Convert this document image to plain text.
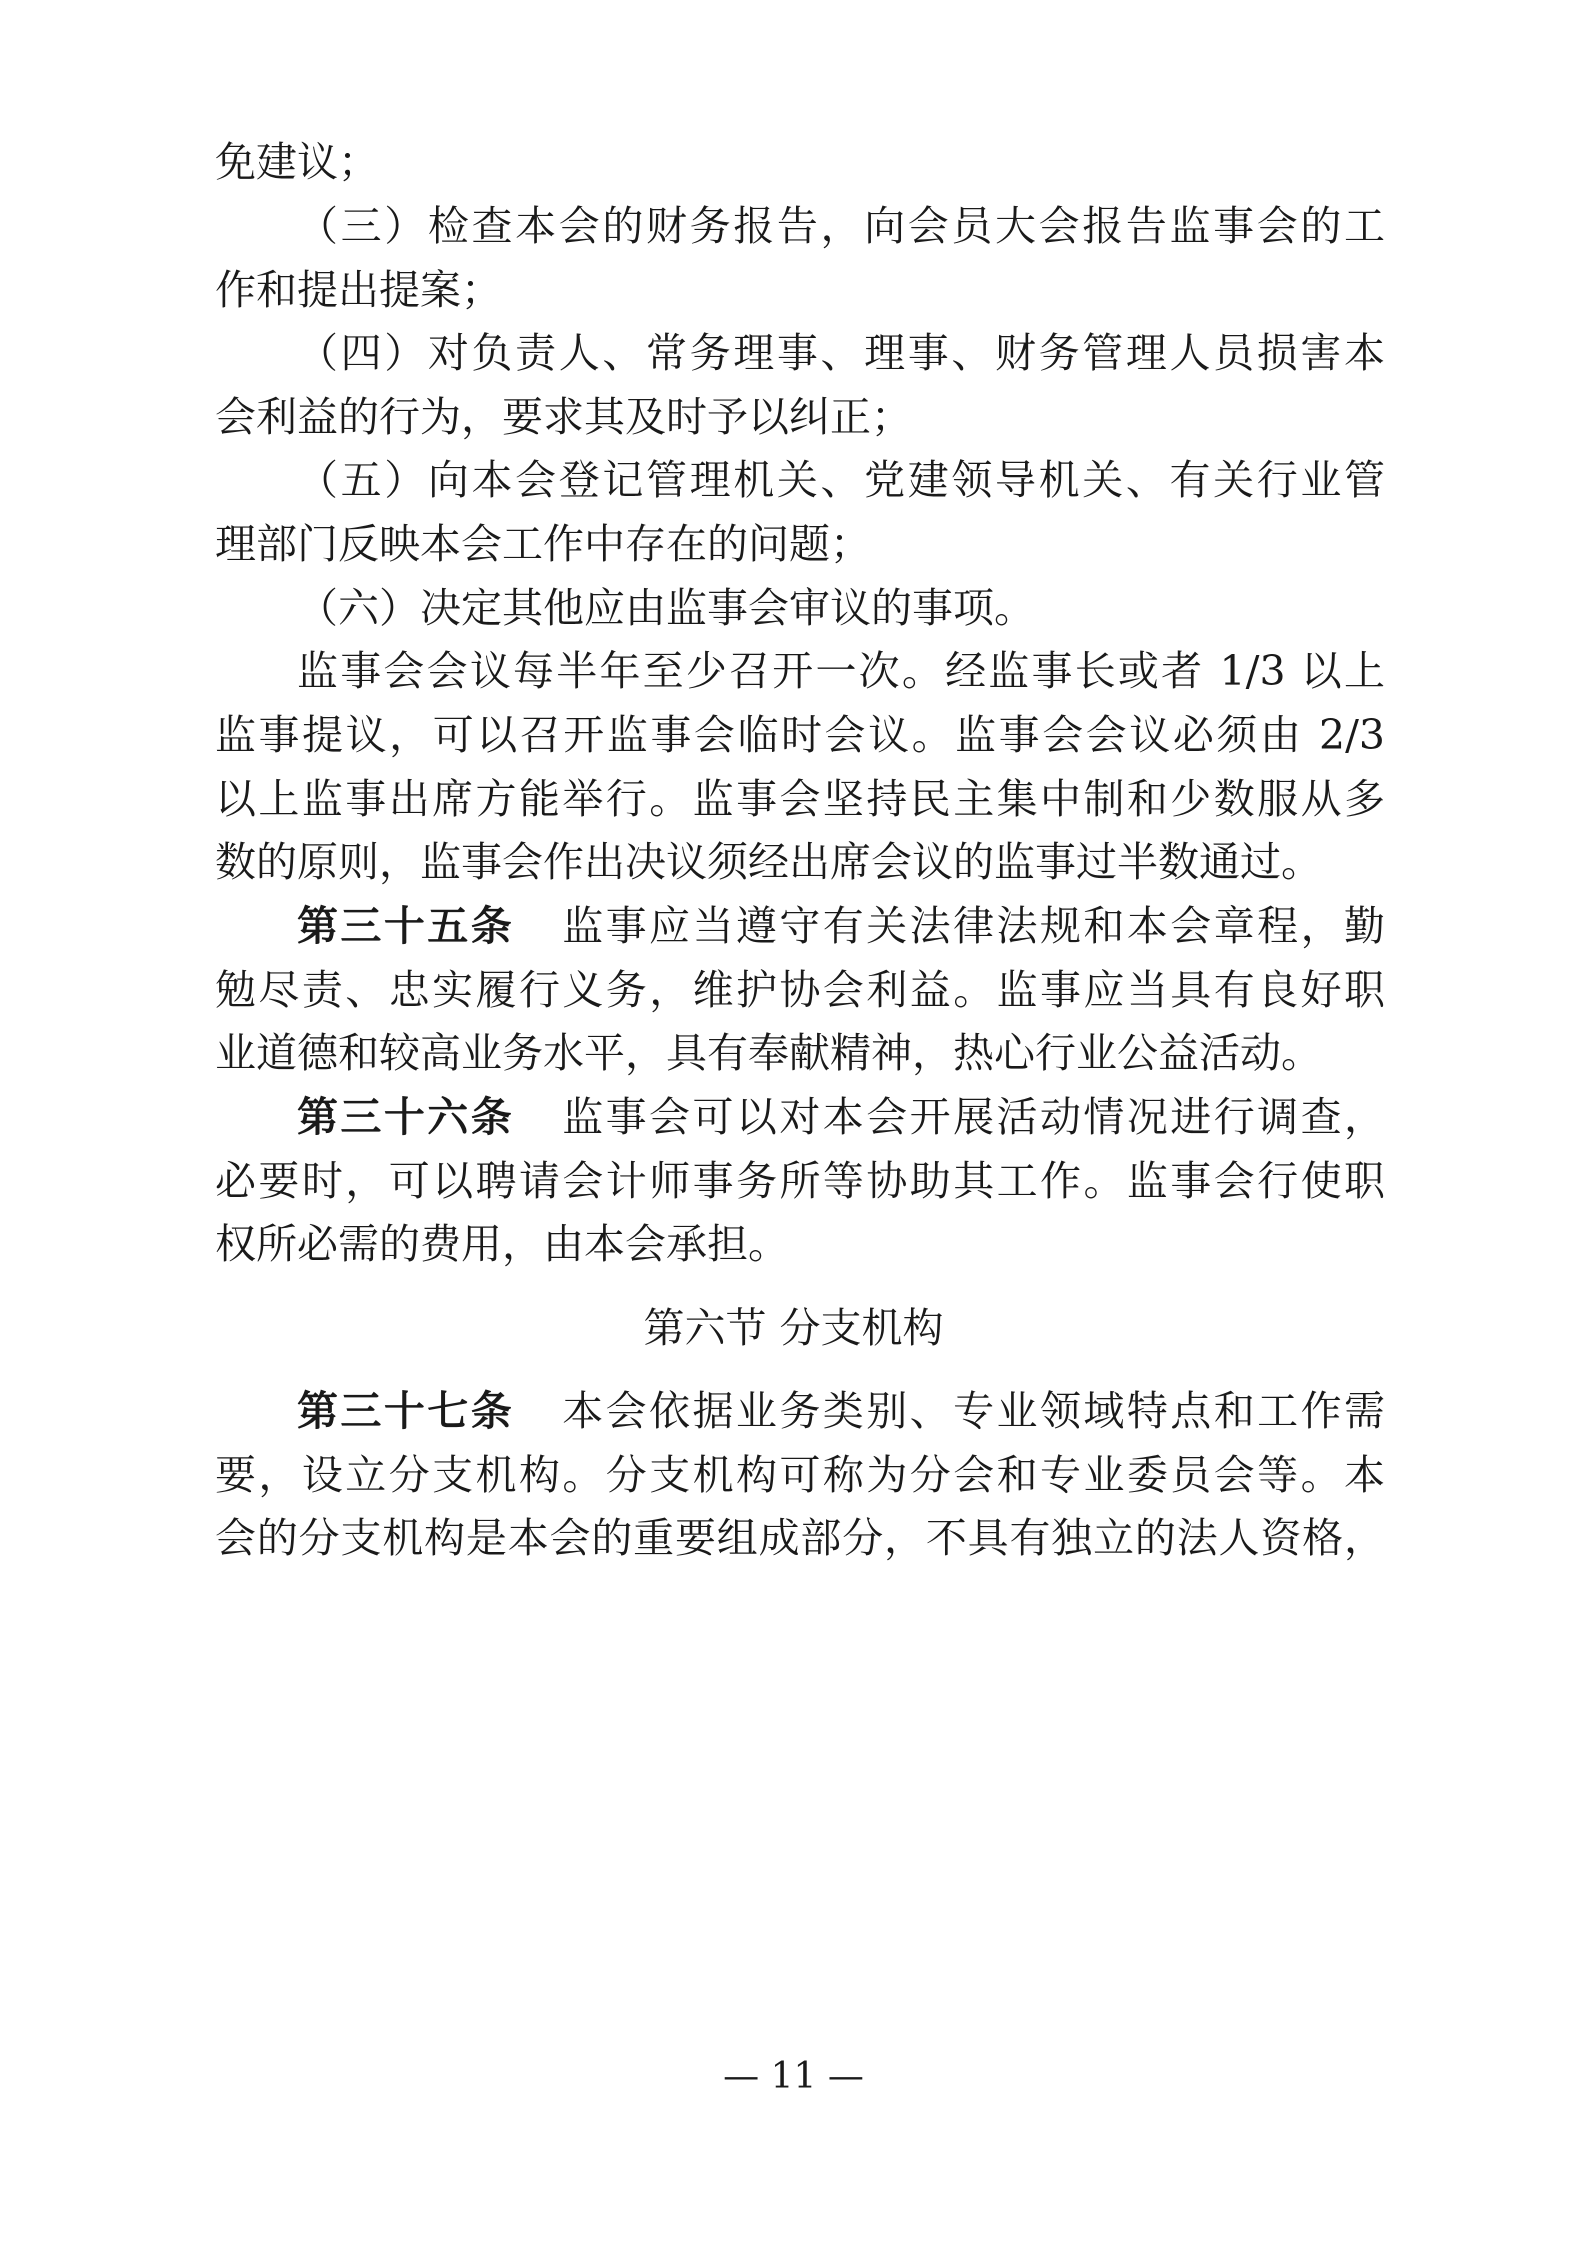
免建议；
（三）检查本会的财务报告，向会员大会报告监事会的工
作和提出提案；
（四）对负责人、常务理事、理事、财务管理人员损害本
会利益的行为，要求其及时予以纠正；
（五）向本会登记管理机关、党建领导机关、有关行业管
理部门反映本会工作中存在的问题；
（六）决定其他应由监事会审议的事项。
监事会会议每半年至少召开一次。经监事长或者 1/3 以上
监事提议，可以召开监事会临时会议。监事会会议必须由 2/3
以上监事出席方能举行。监事会坚持民主集中制和少数服从多
数的原则，监事会作出决议须经出席会议的监事过半数通过。
第三十五条 监事应当遵守有关法律法规和本会章程，勤
勉尽责、忠实履行义务，维护协会利益。监事应当具有良好职
业道德和较高业务水平，具有奉献精神，热心行业公益活动。
第三十六条 监事会可以对本会开展活动情况进行调查，
必要时，可以聘请会计师事务所等协助其工作。监事会行使职
权所必需的费用，由本会承担。
第六节 分支机构
第三十七条 本会依据业务类别、专业领域特点和工作需
要，设立分支机构。分支机构可称为分会和专业委员会等。本
会的分支机构是本会的重要组成部分，不具有独立的法人资格，
— 11 —
